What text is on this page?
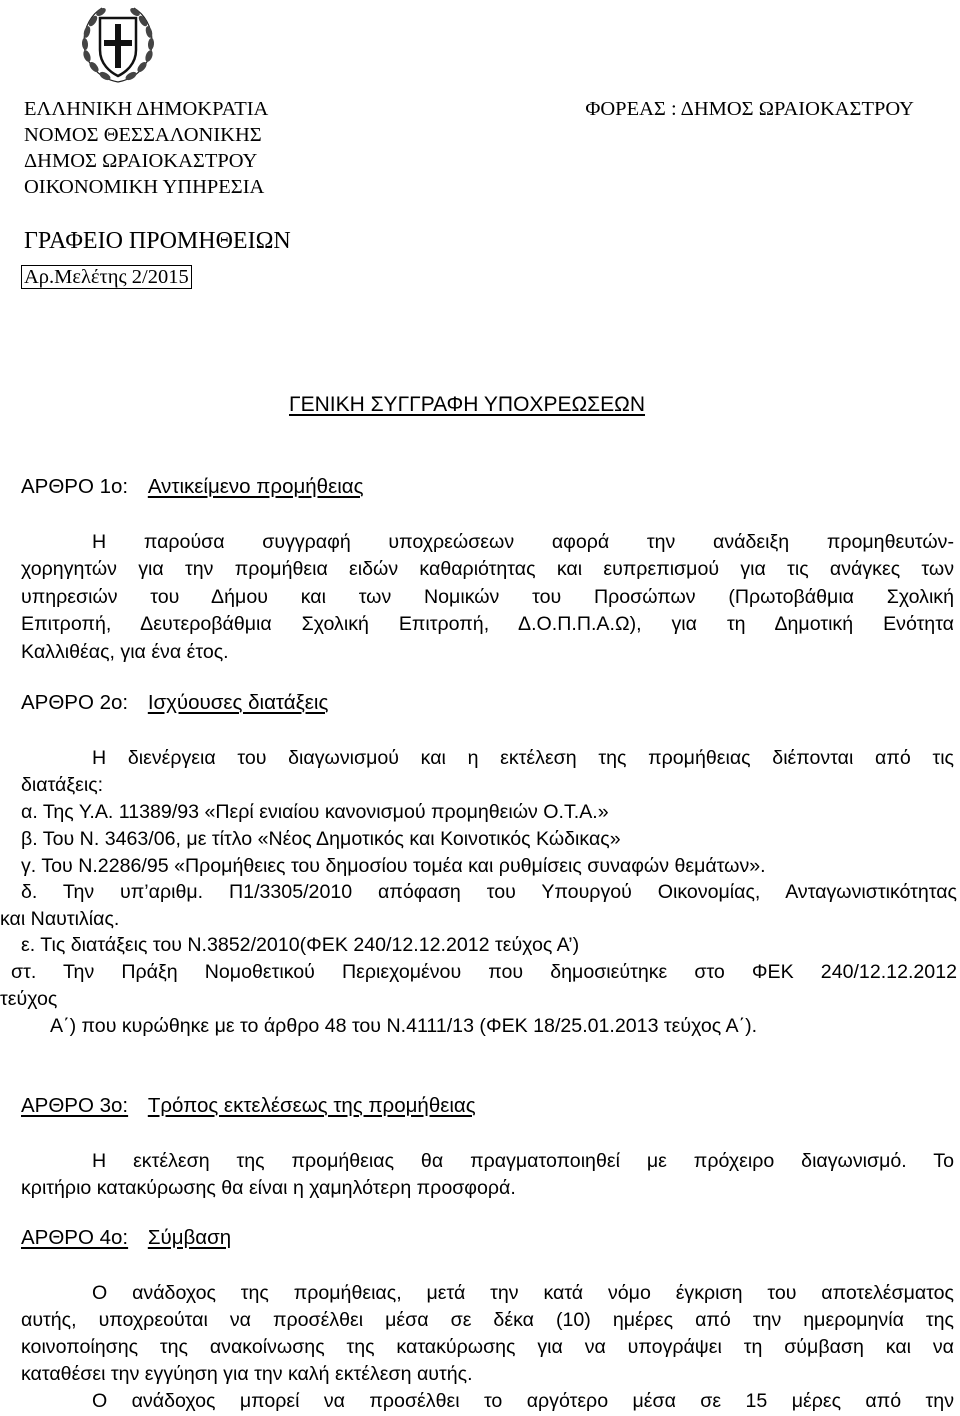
ΕΛΛΗΝΙΚΗ ΔΗΜΟΚΡΑΤΙΑ
ΝΟΜΟΣ ΘΕΣΣΑΛΟΝΙΚΗΣ
ΔΗΜΟΣ ΩΡΑΙΟΚΑΣΤΡΟΥ
ΟΙΚΟΝΟΜΙΚΗ ΥΠΗΡΕΣΙΑ
ΦΟΡΕΑΣ : ΔΗΜΟΣ ΩΡΑΙΟΚΑΣΤΡΟΥ
ΓΡΑΦΕΙΟ ΠΡΟΜΗΘΕΙΩΝ
Αρ.Μελέτης 2/2015
ΓΕΝΙΚΗ ΣΥΓΓΡΑΦΗ ΥΠΟΧΡΕΩΣΕΩΝ
ΑΡΘΡΟ 1ο: Αντικείμενο προμήθειας
Η παρούσα συγγραφή υποχρεώσεων αφορά την ανάδειξη προμηθευτών-
χορηγητών για την προμήθεια ειδών καθαριότητας και ευπρεπισμού για τις ανάγκες των
υπηρεσιών του Δήμου και των Νομικών του Προσώπων (Πρωτοβάθμια Σχολική
Επιτροπή, Δευτεροβάθμια Σχολική Επιτροπή, Δ.Ο.Π.Π.Α.Ω), για τη Δημοτική Ενότητα
Καλλιθέας, για ένα έτος.
ΑΡΘΡΟ 2ο: Ισχύουσες διατάξεις
Η διενέργεια του διαγωνισμού και η εκτέλεση της προμήθειας διέπονται από τις
διατάξεις:
α. Της Υ.Α. 11389/93 «Περί ενιαίου κανονισμού προμηθειών Ο.Τ.Α.»
β. Του Ν. 3463/06, με τίτλο «Νέος Δημοτικός και Κοινοτικός Κώδικας»
γ. Του Ν.2286/95 «Προμήθειες του δημοσίου τομέα και ρυθμίσεις συναφών θεμάτων».
δ. Την υπ’αριθμ. Π1/3305/2010 απόφαση του Υπουργού Οικονομίας, Ανταγωνιστικότητας
και Ναυτιλίας.
ε. Τις διατάξεις του Ν.3852/2010(ΦΕΚ 240/12.12.2012 τεύχος Α’)
στ. Την Πράξη Νομοθετικού Περιεχομένου που δημοσιεύτηκε στο ΦΕΚ 240/12.12.2012
τεύχος
Α΄) που κυρώθηκε με το άρθρο 48 του Ν.4111/13 (ΦΕΚ 18/25.01.2013 τεύχος Α΄).
ΑΡΘΡΟ 3ο: Τρόπος εκτελέσεως της προμήθειας
Η εκτέλεση της προμήθειας θα πραγματοποιηθεί με πρόχειρο διαγωνισμό. Το
κριτήριο κατακύρωσης θα είναι η χαμηλότερη προσφορά.
ΑΡΘΡΟ 4ο: Σύμβαση
Ο ανάδοχος της προμήθειας, μετά την κατά νόμο έγκριση του αποτελέσματος
αυτής, υποχρεούται να προσέλθει μέσα σε δέκα (10) ημέρες από την ημερομηνία της
κοινοποίησης της ανακοίνωσης της κατακύρωσης για να υπογράψει τη σύμβαση και να
καταθέσει την εγγύηση για την καλή εκτέλεση αυτής.
Ο ανάδοχος μπορεί να προσέλθει το αργότερο μέσα σε 15 μέρες από την
